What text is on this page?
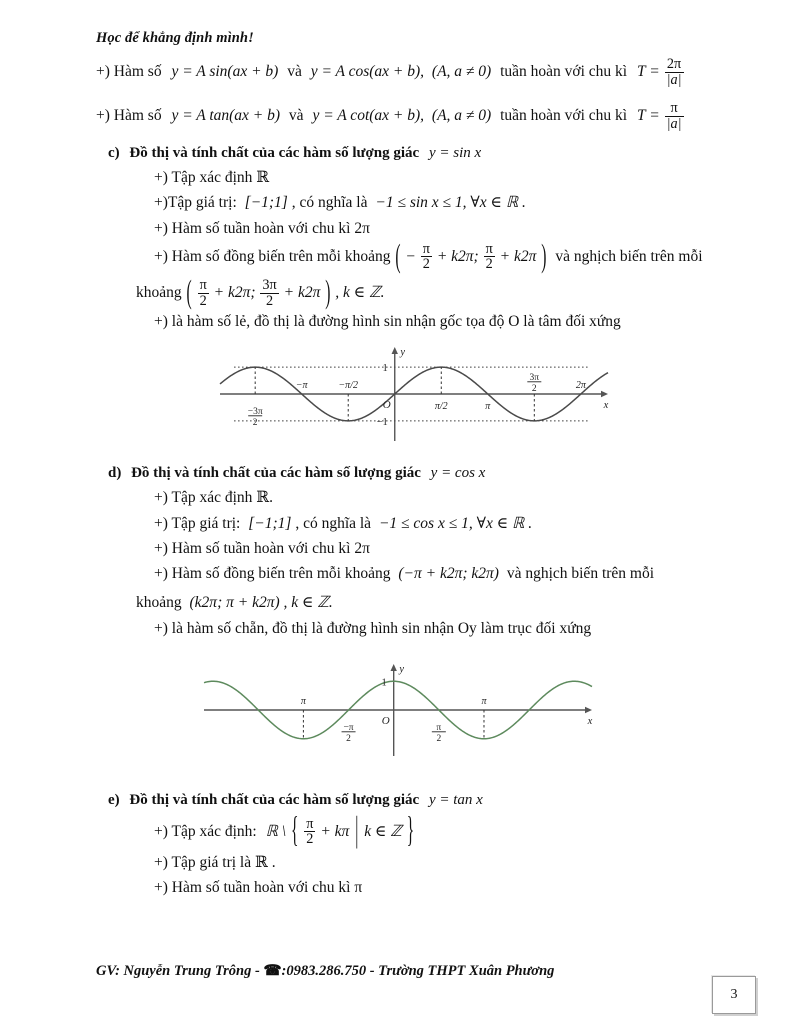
Học để khẳng định mình!
+) Hàm số y = A sin(ax + b) và y = A cos(ax + b), (A, a ≠ 0) tuần hoàn với chu kì $T = \frac{2\pi}{|a|}$
+) Hàm số y = A tan(ax + b) và y = A cot(ax + b), (A, a ≠ 0) tuần hoàn với chu kì $T = \frac{\pi}{|a|}$
c) Đồ thị và tính chất của các hàm số lượng giác y = sin x
+) Tập xác định ℝ
+)Tập giá trị: [−1;1] , có nghĩa là −1 ≤ sin x ≤ 1, ∀x ∈ ℝ .
+) Hàm số tuần hoàn với chu kì 2π
+) Hàm số đồng biến trên mỗi khoảng ( − $\frac{\pi}{2} + k2\pi$; $\frac{\pi}{2} + k2\pi$ ) và nghịch biến trên mỗi
khoảng ( $\frac{\pi}{2} + k2\pi$; $\frac{3\pi}{2} + k2\pi$ ) , k ∈ ℤ.
+) là hàm số lẻ, đồ thị là đường hình sin nhận gốc tọa độ O là tâm đối xứng
−3π
2
−π	−π/2
π/2	π
3π
2	2π
1
−1
O	x
y
d) Đồ thị và tính chất của các hàm số lượng giác y = cos x
+) Tập xác định ℝ.
+) Tập giá trị: [−1;1] , có nghĩa là −1 ≤ cos x ≤ 1, ∀x ∈ ℝ .
+) Hàm số tuần hoàn với chu kì 2π
+) Hàm số đồng biến trên mỗi khoảng (−π + k2π; k2π) và nghịch biến trên mỗi
khoảng (k2π; π + k2π) , k ∈ ℤ.
+) là hàm số chẵn, đồ thị là đường hình sin nhận Oy làm trục đối xứng
π
−π
2
π
2
π
1
O	x
y
e) Đồ thị và tính chất của các hàm số lượng giác y = tan x
+) Tập xác định: ℝ \ { $\frac{\pi}{2} + k\pi$ | k ∈ ℤ }
+) Tập giá trị là ℝ .
+) Hàm số tuần hoàn với chu kì π
GV: Nguyễn Trung Trông - ☎:0983.286.750 - Trường THPT Xuân Phương
3
